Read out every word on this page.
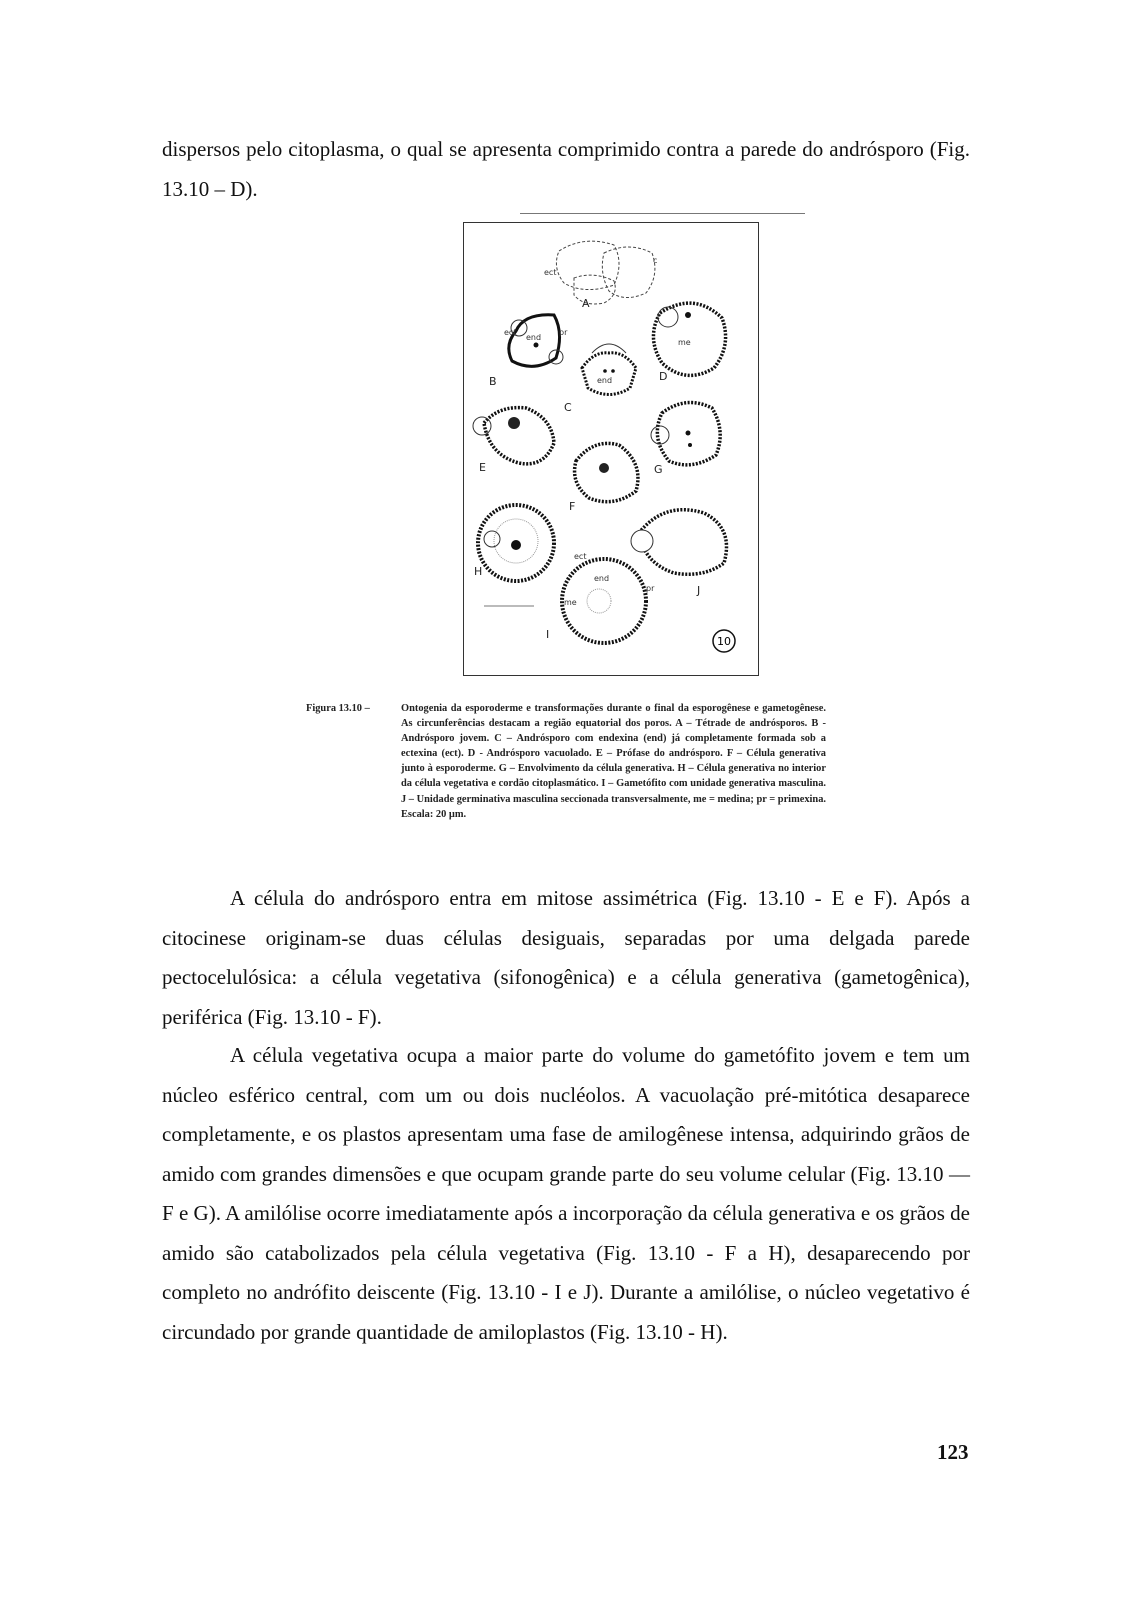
dispersos pelo citoplasma, o qual se apresenta comprimido contra a parede do andrósporo (Fig. 13.10 – D).

10
A
B
C
D
E
F
G
H
I
J
ect
c
ect	pr
end
end
me
ect
end
me
pr
Figura 13.10 –	Ontogenia da esporoderme e transformações durante o final da esporogênese e gametogênese. As circunferências destacam a região equatorial dos poros. A – Tétrade de andrósporos. B - Andrósporo jovem. C – Andrósporo com endexina (end) já completamente formada sob a ectexina (ect). D - Andrósporo vacuolado. E – Prófase do andrósporo. F – Célula generativa junto à esporoderme. G – Envolvimento da célula generativa. H – Célula generativa no interior da célula vegetativa e cordão citoplasmático. I – Gametófito com unidade generativa masculina. J – Unidade germinativa masculina seccionada transversalmente, me = medina; pr = primexina. Escala: 20 µm.

A célula do andrósporo entra em mitose assimétrica (Fig. 13.10 - E e F). Após a citocinese originam-se duas células desiguais, separadas por uma delgada parede pectocelulósica: a célula vegetativa (sifonogênica) e a célula generativa (gametogênica), periférica (Fig. 13.10 - F).

A célula vegetativa ocupa a maior parte do volume do gametófito jovem e tem um núcleo esférico central, com um ou dois nucléolos. A vacuolação pré-mitótica desaparece completamente, e os plastos apresentam uma fase de amilogênese intensa, adquirindo grãos de amido com grandes dimensões e que ocupam grande parte do seu volume celular (Fig. 13.10 — F e G). A amilólise ocorre imediatamente após a incorporação da célula generativa e os grãos de amido são catabolizados pela célula vegetativa (Fig. 13.10 - F a H), desaparecendo por completo no andrófito deiscente (Fig. 13.10 - I e J). Durante a amilólise, o núcleo vegetativo é circundado por grande quantidade de amiloplastos (Fig. 13.10 - H).

123
